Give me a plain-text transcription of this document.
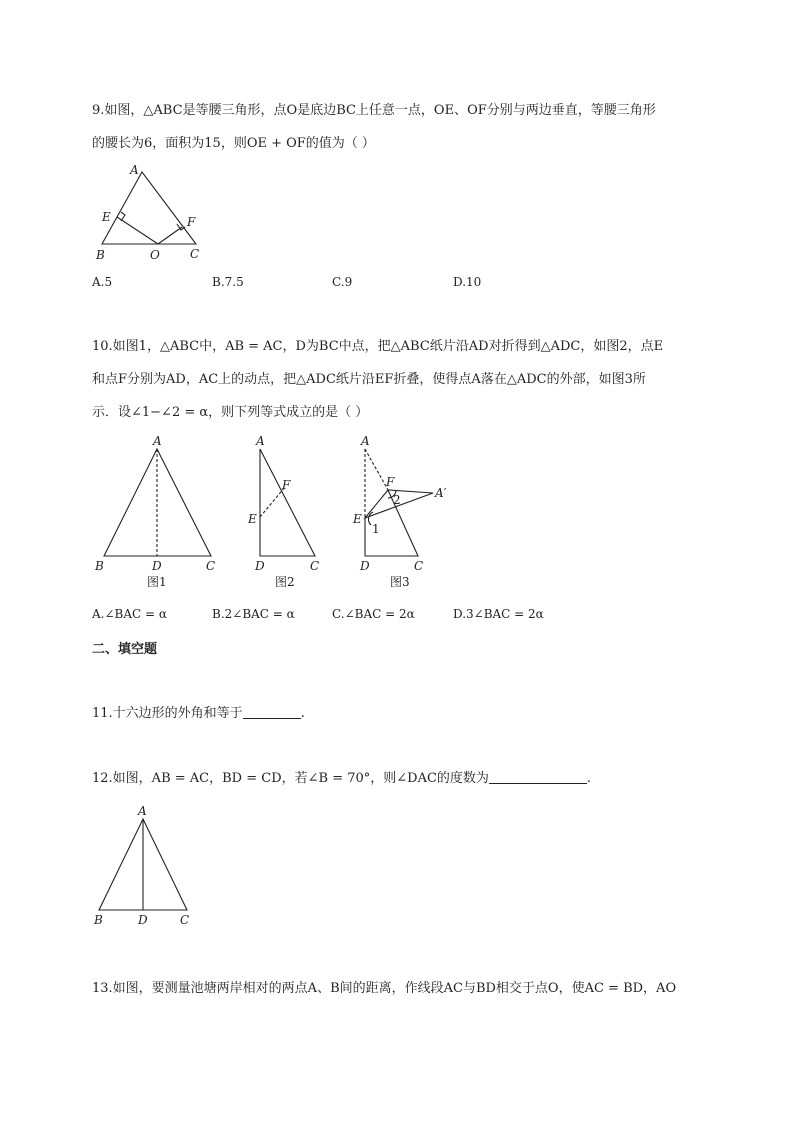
9.如图，△ABC是等腰三角形，点O是底边BC上任意一点，OE、OF分别与两边垂直，等腰三角形
的腰长为6，面积为15，则OE + OF的值为（ ）
A
E	F
B	O	C
A.5	B.7.5	C.9	D.10
10.如图1，△ABC中，AB = AC，D为BC中点，把△ABC纸片沿AD对折得到△ADC，如图2，点E
和点F分别为AD，AC上的动点，把△ADC纸片沿EF折叠，使得点A落在△ADC的外部，如图3所
示．设∠1−∠2 = α，则下列等式成立的是（ ）
A
B	D	C
图1
A
F
E
D	C
图2
A
F
2	A′
E
1
D	C
图3
A.∠BAC = α	B.2∠BAC = α	C.∠BAC = 2α	D.3∠BAC = 2α
二、填空题
11.十六边形的外角和等于	.
12.如图，AB = AC，BD = CD，若∠B = 70°，则∠DAC的度数为	.
A
B	D	C
13.如图，要测量池塘两岸相对的两点A、B间的距离，作线段AC与BD相交于点O，使AC = BD，AO
